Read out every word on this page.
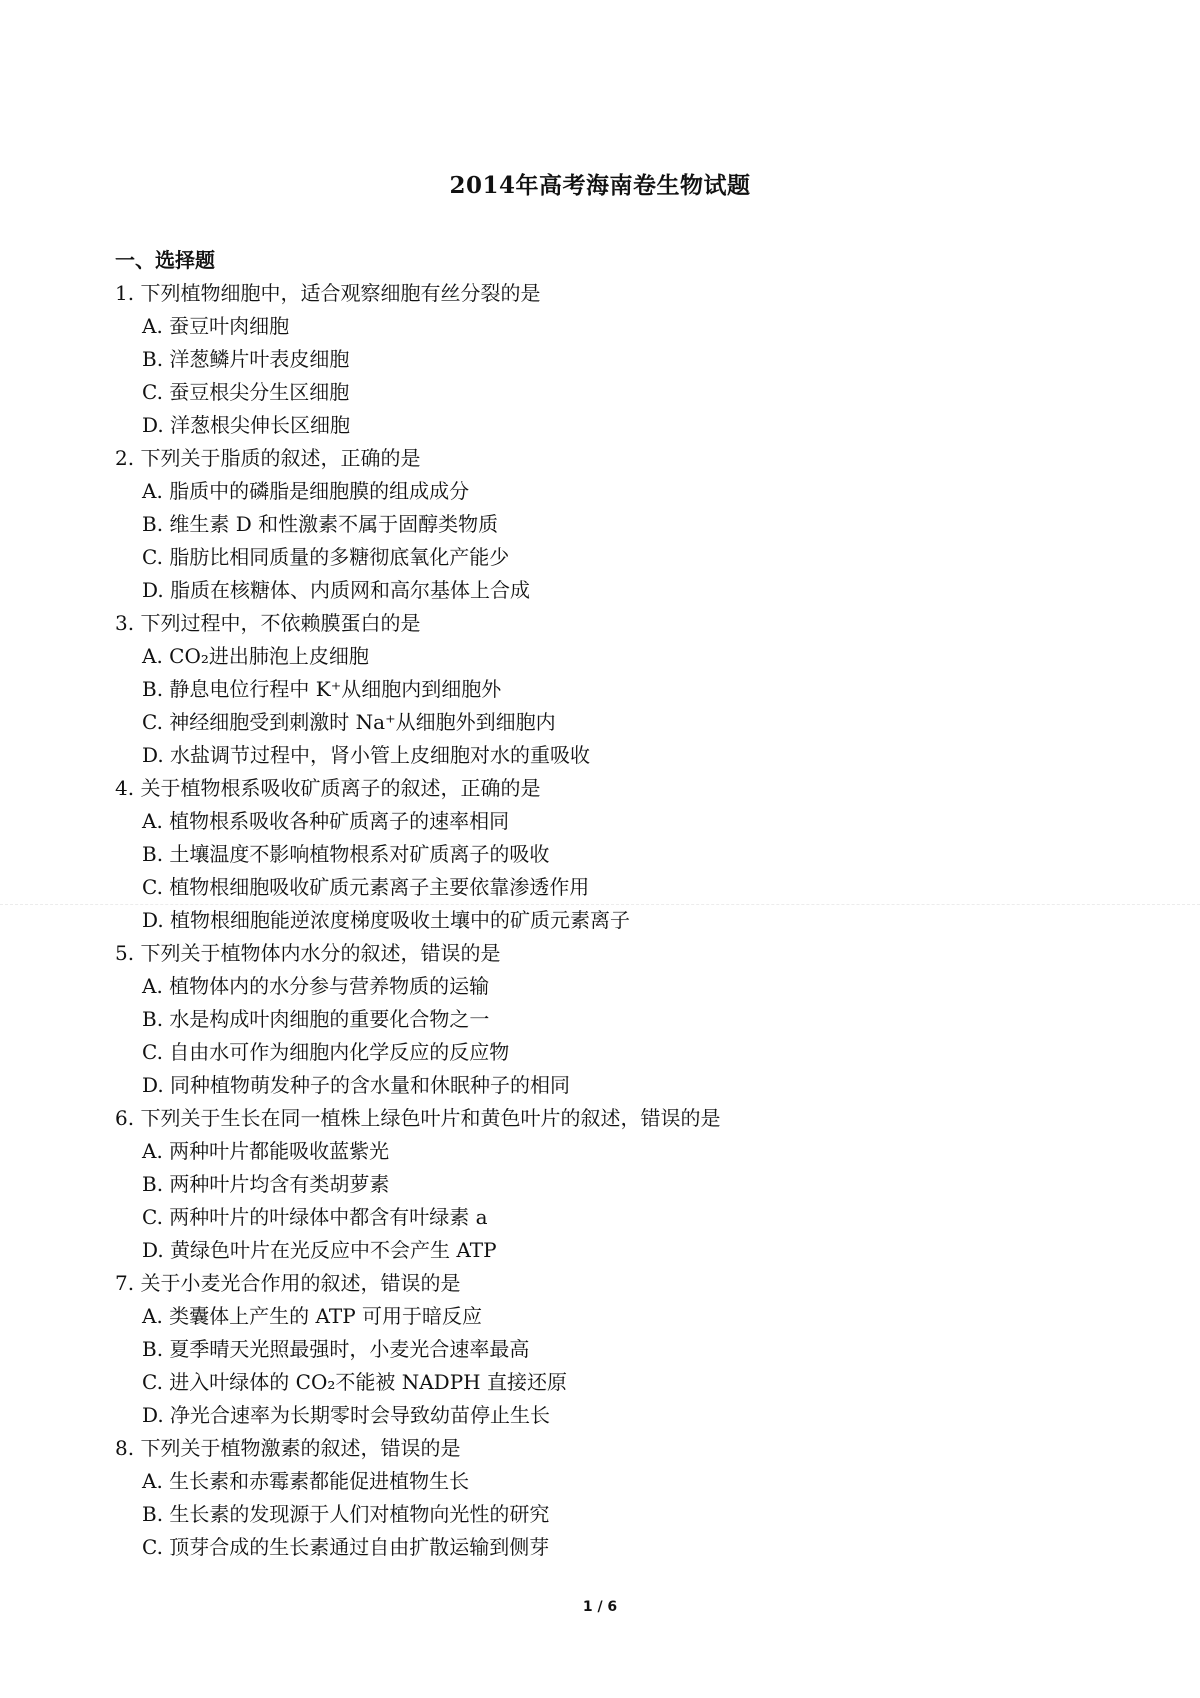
2014年高考海南卷生物试题
一、选择题
1. 下列植物细胞中，适合观察细胞有丝分裂的是
A. 蚕豆叶肉细胞
B. 洋葱鳞片叶表皮细胞
C. 蚕豆根尖分生区细胞
D. 洋葱根尖伸长区细胞
2. 下列关于脂质的叙述，正确的是
A. 脂质中的磷脂是细胞膜的组成成分
B. 维生素 D 和性激素不属于固醇类物质
C. 脂肪比相同质量的多糖彻底氧化产能少
D. 脂质在核糖体、内质网和高尔基体上合成
3. 下列过程中，不依赖膜蛋白的是
A. CO₂进出肺泡上皮细胞
B. 静息电位行程中 K⁺从细胞内到细胞外
C. 神经细胞受到刺激时 Na⁺从细胞外到细胞内
D. 水盐调节过程中，肾小管上皮细胞对水的重吸收
4. 关于植物根系吸收矿质离子的叙述，正确的是
A. 植物根系吸收各种矿质离子的速率相同
B. 土壤温度不影响植物根系对矿质离子的吸收
C. 植物根细胞吸收矿质元素离子主要依靠渗透作用
D. 植物根细胞能逆浓度梯度吸收土壤中的矿质元素离子
5. 下列关于植物体内水分的叙述，错误的是
A. 植物体内的水分参与营养物质的运输
B. 水是构成叶肉细胞的重要化合物之一
C. 自由水可作为细胞内化学反应的反应物
D. 同种植物萌发种子的含水量和休眠种子的相同
6. 下列关于生长在同一植株上绿色叶片和黄色叶片的叙述，错误的是
A. 两种叶片都能吸收蓝紫光
B. 两种叶片均含有类胡萝素
C. 两种叶片的叶绿体中都含有叶绿素 a
D. 黄绿色叶片在光反应中不会产生 ATP
7. 关于小麦光合作用的叙述，错误的是
A. 类囊体上产生的 ATP 可用于暗反应
B. 夏季晴天光照最强时，小麦光合速率最高
C. 进入叶绿体的 CO₂不能被 NADPH 直接还原
D. 净光合速率为长期零时会导致幼苗停止生长
8. 下列关于植物激素的叙述，错误的是
A. 生长素和赤霉素都能促进植物生长
B. 生长素的发现源于人们对植物向光性的研究
C. 顶芽合成的生长素通过自由扩散运输到侧芽
1 / 6
